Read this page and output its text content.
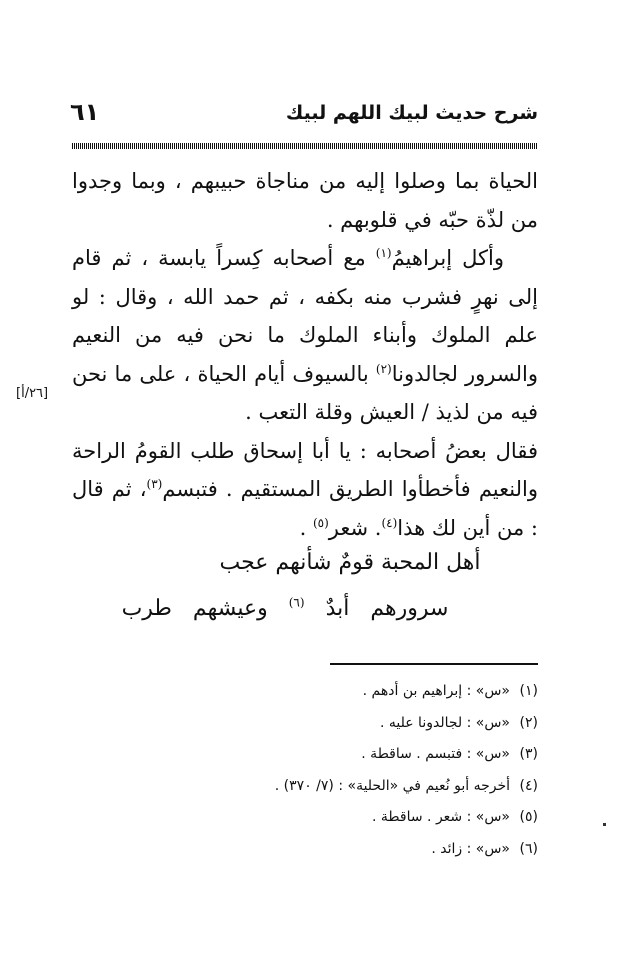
شرح حديث لبيك اللهم لبيك
٦١

الحياة بما وصلوا إليه من مناجاة حبيبهم ، وبما وجدوا من لذّة حبّه في قلوبهم .

وأكل إبراهيمُ$^{(١)}$ مع أصحابه كِسراً يابسة ، ثم قام إلى نهرٍ فشرب منه بكفه ، ثم حمد الله ، وقال : لو علم الملوك وأبناء الملوك ما نحن فيه من النعيم والسرور لجالدونا$^{(٢)}$ بالسيوف أيام الحياة ، على ما نحن فيه من لذيذ / العيش وقلة التعب .

فقال بعضُ أصحابه : يا أبا إسحاق طلب القومُ الراحة والنعيم فأخطأوا الطريق المستقيم . فتبسم$^{(٣)}$، ثم قال : من أين لك هذا$^{(٤)}$. شعر$^{(٥)}$ .

[٢٦/أ]
أهل المحبة قومٌ شأنهم عجب
سرورهم أبدٌ $^{(٦)}$ وعيشهم طرب
(١)«س» : إبراهيم بن أدهم .
(٢)«س» : لجالدونا عليه .
(٣)«س» : فتبسم . ساقطة .
(٤)أخرجه أبو نُعيم في «الحلية» : (٧/ ٣٧٠) .
(٥)«س» : شعر . ساقطة .
(٦)«س» : زائد .
